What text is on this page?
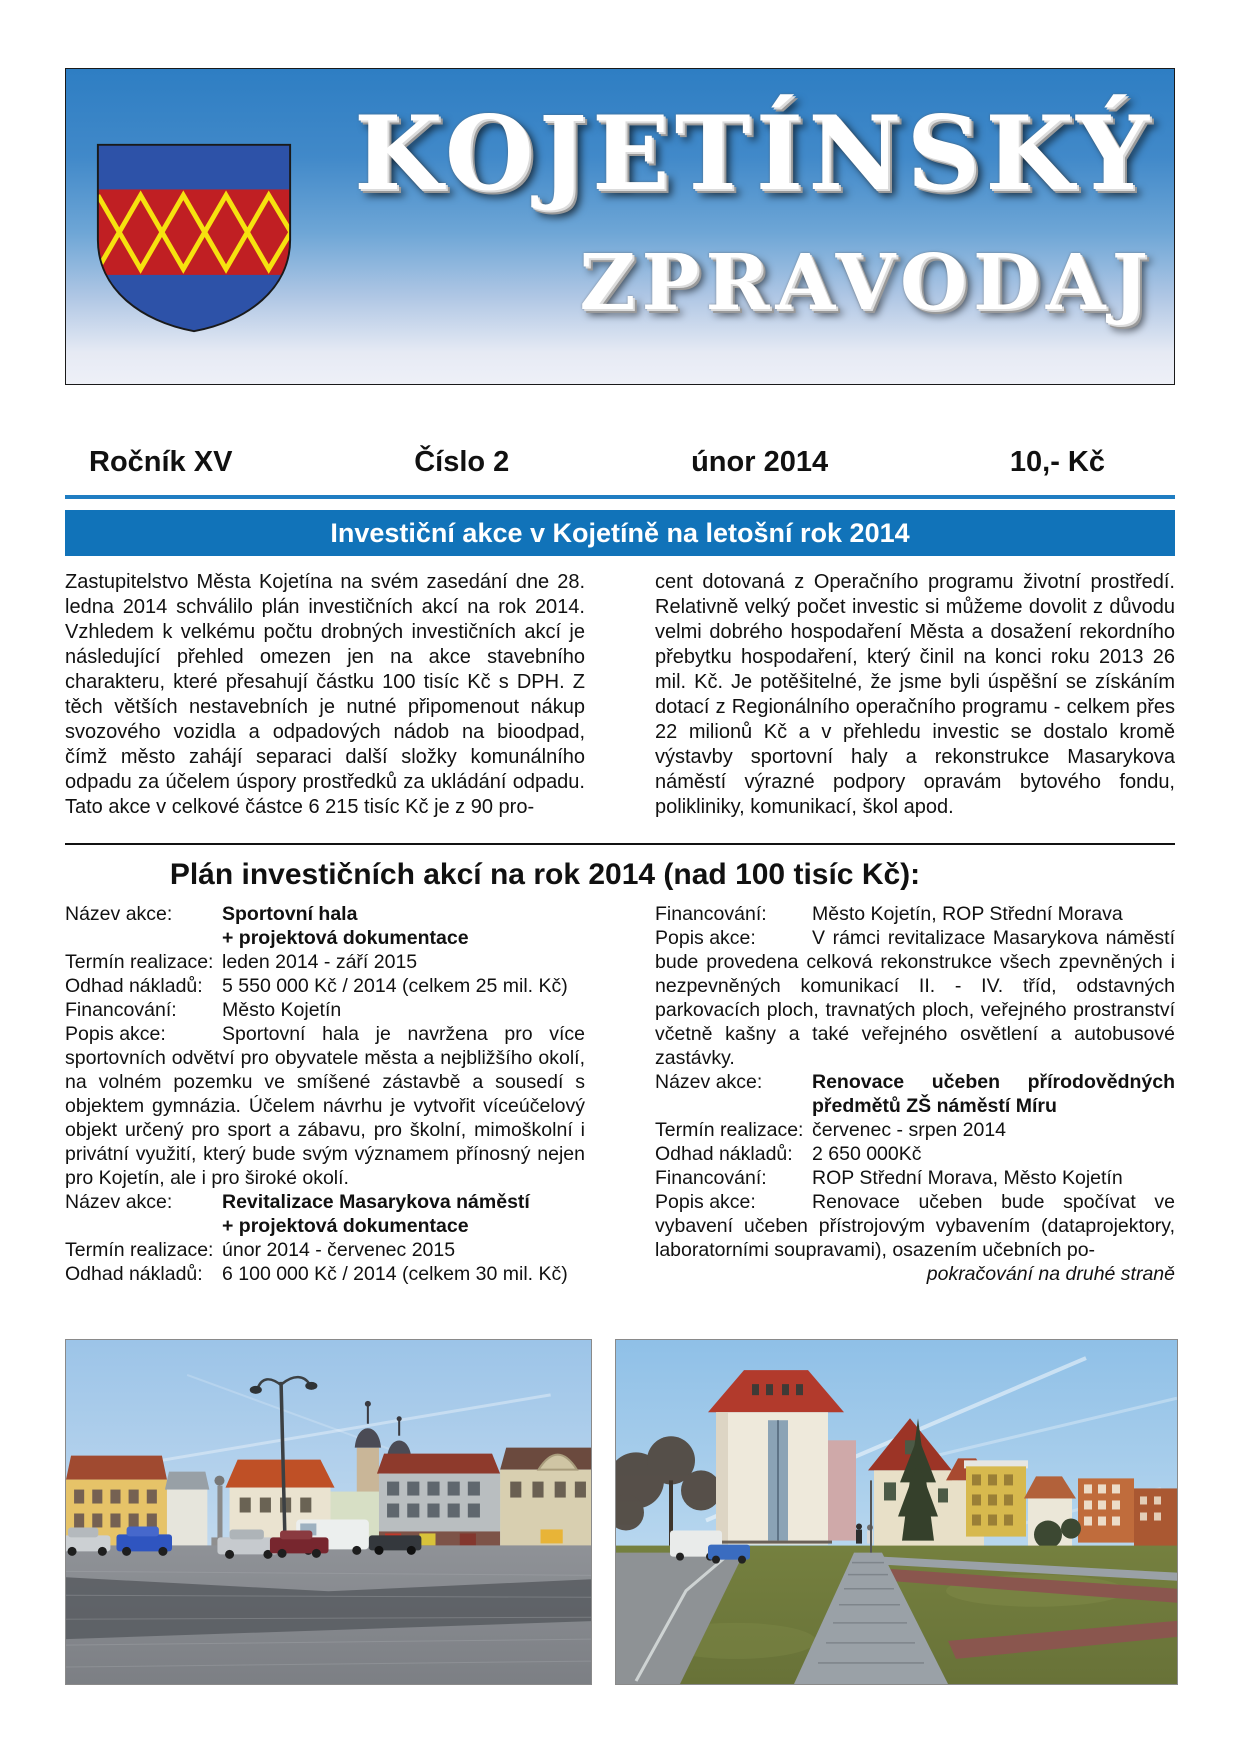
KOJETÍNSKÝ
ZPRAVODAJ
Ročník XV	Číslo 2	únor 2014	10,- Kč
Investiční akce v Kojetíně na letošní rok 2014

Zastupitelstvo Města Kojetína na svém zasedání dne 28. ledna 2014 schválilo plán investičních akcí na rok 2014. Vzhledem k velkému počtu drobných investičních akcí je následující přehled omezen jen na akce stavebního charakteru, které přesahují částku 100 tisíc Kč s DPH. Z těch větších nestavebních je nutné připomenout nákup svozového vozidla a odpadových nádob na bioodpad, čímž město zahájí separaci další složky komunálního odpadu za účelem úspory prostředků za ukládání odpadu. Tato akce v celkové částce 6 215 tisíc Kč je z 90 pro-

cent dotovaná z Operačního programu životní prostředí. Relativně velký počet investic si můžeme dovolit z důvodu velmi dobrého hospodaření Města a dosažení rekordního přebytku hospodaření, který činil na konci roku 2013 26 mil. Kč. Je potěšitelné, že jsme byli úspěšní se získáním dotací z Regionálního operačního programu - celkem přes 22 milionů Kč a v přehledu investic se dostalo kromě výstavby sportovní haly a rekonstrukce Masarykova náměstí výrazné podpory opravám bytového fondu, polikliniky, komunikací, škol apod.

Plán investičních akcí na rok 2014 (nad 100 tisíc Kč):

Název akce:	Sportovní hala
+ projektová dokumentace

Termín realizace: leden 2014 - září 2015

Odhad nákladů: 5 550 000 Kč / 2014 (celkem 25 mil. Kč)

Financování: Město Kojetín

Popis akce:	Sportovní hala je navržena pro více sportovních odvětví pro obyvatele města a nejbližšího okolí, na volném pozemku ve smíšené zástavbě a sousedí s objektem gymnázia. Účelem návrhu je vytvořit víceúčelový objekt určený pro sport a zábavu, pro školní, mimoškolní i privátní využití, který bude svým významem přínosný nejen pro Kojetín, ale i pro široké okolí.

Název akce:	Revitalizace Masarykova náměstí
+ projektová dokumentace

Termín realizace: únor 2014 - červenec 2015

Odhad nákladů: 6 100 000 Kč / 2014 (celkem 30 mil. Kč)

Financování: Město Kojetín, ROP Střední Morava

Popis akce:	V rámci revitalizace Masarykova náměstí bude provedena celková rekonstrukce všech zpevněných i nezpevněných komunikací II. - IV. tříd, odstavných parkovacích ploch, travnatých ploch, veřejného prostranství včetně kašny a také veřejného osvětlení a autobusové zastávky.

Název akce:	Renovace učeben přírodovědných předmětů ZŠ náměstí Míru

Termín realizace: červenec - srpen 2014

Odhad nákladů: 2 650 000Kč

Financování: ROP Střední Morava, Město Kojetín

Popis akce:	Renovace učeben bude spočívat ve vybavení učeben přístrojovým vybavením (dataprojektory, laboratorními soupravami), osazením učebních po-

pokračování na druhé straně
